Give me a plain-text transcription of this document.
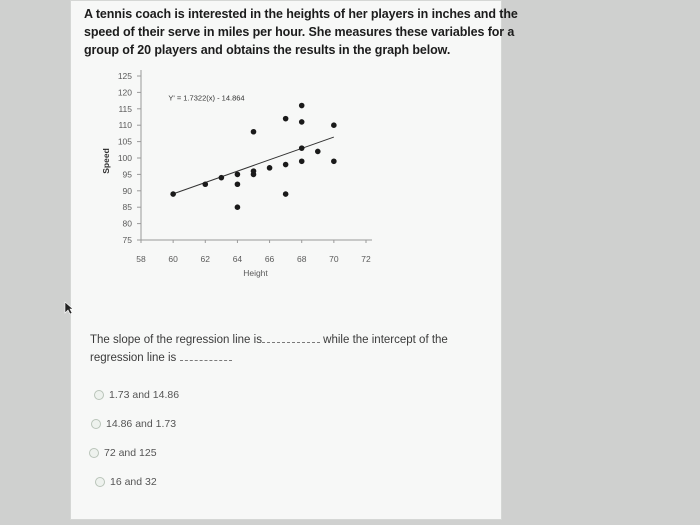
A tennis coach is interested in the heights of her players in inches and the
speed of their serve in miles per hour. She measures these variables for a
group of 20 players and obtains the results in the graph below.
The slope of the regression line is	while the intercept of the
regression line is
125
120
115
110
105
100
95
90
85
80
75
58	60	62	64	66	68	70	72
Height
Speed
Y' = 1.7322(x) - 14.864
1.73 and 14.86
14.86 and 1.73
72 and 125
16 and 32
